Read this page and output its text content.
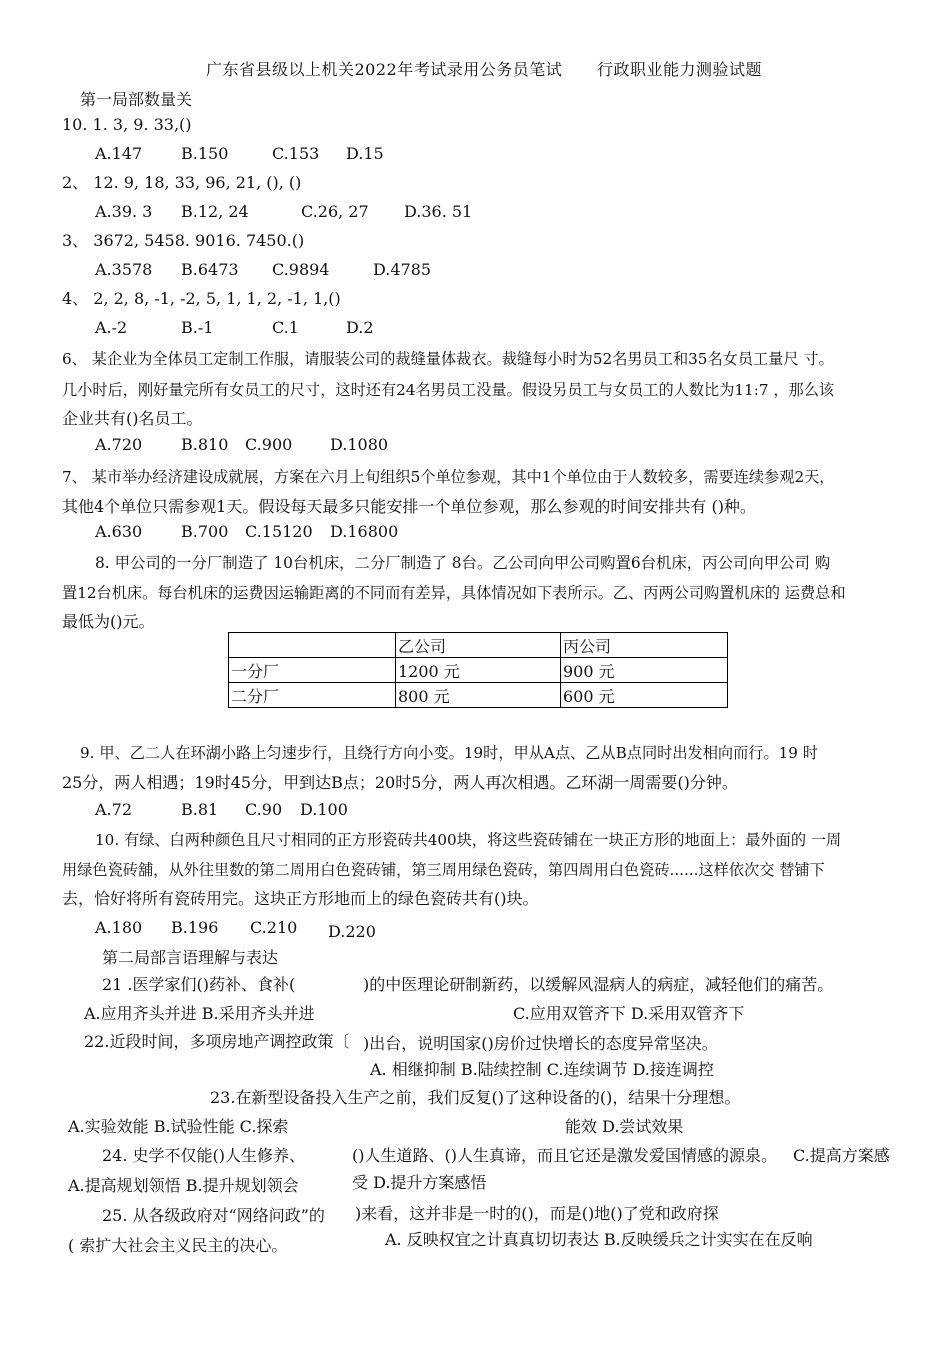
广东省县级以上机关2022年考试录用公务员笔试 行政职业能力测验试题
第一局部数量关
10. 1. 3, 9. 33,()
A.147 B.150	C.153 D.15
2、 12. 9, 18, 33, 96, 21, (), ()
A.39. 3 B.12, 24	C.26, 27 D.36. 51
3、 3672, 5458. 9016. 7450.()
A.3578 B.6473 C.9894	D.4785
4、 2, 2, 8, -1, -2, 5, 1, 1, 2, -1, 1,()
A.-2	B.-1	C.1	D.2
6、 某企业为全体员工定制工作服，请服装公司的裁缝量体裁衣。裁缝每小时为52名男员工和35名女员工量尺 寸。
几小时后，刚好量完所有女员工的尺寸，这时还有24名男员工没量。假设另员工与女员工的人数比为11:7 ，那么该
企业共有()名员工。
A.720 B.810 C.900 D.1080
7、 某市举办经济建设成就展，方案在六月上旬组织5个单位参观，其中1个单位由于人数较多，需要连续参观2天，
其他4个单位只需参观1天。假设每天最多只能安排一个单位参观，那么参观的时间安排共有 ()种。
A.630 B.700 C.15120 D.16800
8. 甲公司的一分厂制造了 10台机床，二分厂制造了 8台。乙公司向甲公司购置6台机床，丙公司向甲公司 购
置12台机床。每台机床的运费因运输距离的不同而有差异，具体情况如下表所示。乙、丙两公司购置机床的 运费总和
最低为()元。
	乙公司	丙公司
一分厂	1200 元	900 元
二分厂	800 元	600 元
9. 甲、乙二人在环湖小路上匀速步行，且绕行方向小变。19时，甲从A点、乙从B点同时出发相向而行。19 时
25分，两人相遇；19时45分，甲到达B点；20时5分，两人再次相遇。乙环湖一周需要()分钟。
A.72	B.81 C.90 D.100
10. 有绿、白两种颜色且尺寸相同的正方形瓷砖共400块，将这些瓷砖铺在一块正方形的地面上：最外面的 一周
用绿色瓷砖舖，从外往里数的第二周用白色瓷砖铺，第三周用绿色瓷砖，第四周用白色瓷砖......这样依次交 替铺下
去，恰好将所有瓷砖用完。这块正方形地而上的绿色瓷砖共有()块。
A.180 B.196 C.210 D.220
第二局部言语理解与表达
21 .医学家们()药补、食补(	)的中医理论研制新药，以缓解风湿病人的病症，减轻他们的痛苦。
A.应用齐头并进 B.采用齐头并进	C.应用双管齐下 D.采用双管齐下
22.近段时间，多项房地产调控政策〔 )出台，说明国家()房价过快增长的态度异常坚决。
A. 相继抑制 B.陆续控制 C.连续调节 D.接连调控
23.在新型设备投入生产之前，我们反复()了这种设备的()，结果十分理想。
A.实验效能 B.试验性能 C.探索	能效 D.尝试效果
24. 史学不仅能()人生修养、	()人生道路、()人生真谛，而且它还是激发爱国情感的源泉。 C.提高方案感
A.提高规划领悟 B.提升规划领会	受 D.提升方案感悟
25. 从各级政府对“网络问政”的 )来看，这并非是一时的()，而是()地()了党和政府探
( 索扩大社会主义民主的决心。	A. 反映权宜之计真真切切表达 B.反映缓兵之计实实在在反响
